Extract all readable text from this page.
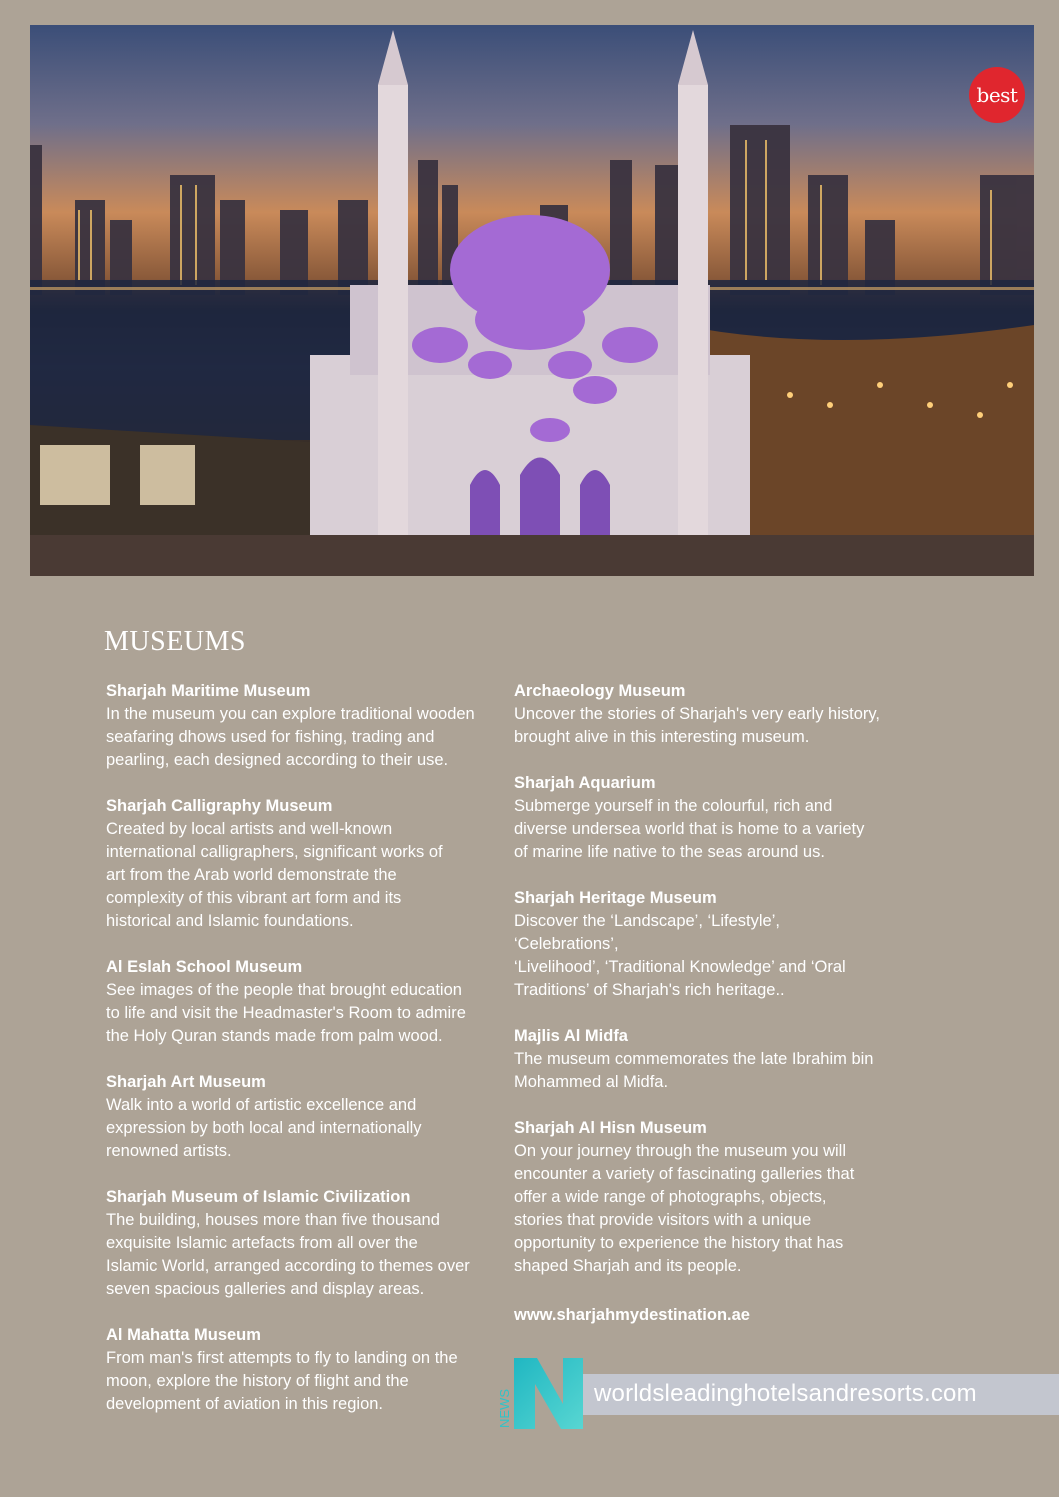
best
MUSEUMS
Sharjah Maritime Museum
In the museum you can explore traditional wooden
seafaring dhows used for fishing, trading and
pearling, each designed according to their use.
Sharjah Calligraphy Museum
Created by local artists and well-known
international calligraphers, significant works of
art from the Arab world demonstrate the
complexity of this vibrant art form and its
historical and Islamic foundations.
Al Eslah School Museum
See images of the people that brought education
to life and visit the Headmaster's Room to admire
the Holy Quran stands made from palm wood.
Sharjah Art Museum
Walk into a world of artistic excellence and
expression by both local and internationally
renowned artists.
Sharjah Museum of Islamic Civilization
The building, houses more than five thousand
exquisite Islamic artefacts from all over the
Islamic World, arranged according to themes over
seven spacious galleries and display areas.
Al Mahatta Museum
From man's first attempts to fly to landing on the
moon, explore the history of flight and the
development of aviation in this region.
Archaeology Museum
Uncover the stories of Sharjah's very early history,
brought alive in this interesting museum.
Sharjah Aquarium
Submerge yourself in the colourful, rich and
diverse undersea world that is home to a variety
of marine life native to the seas around us.
Sharjah Heritage Museum
Discover the ‘Landscape’, ‘Lifestyle’, ‘Celebrations’,
‘Livelihood’, ‘Traditional Knowledge’ and ‘Oral
Traditions’ of Sharjah's rich heritage..
Majlis Al Midfa
The museum commemorates the late Ibrahim bin
Mohammed al Midfa.
Sharjah Al Hisn Museum
On your journey through the museum you will
encounter a variety of fascinating galleries that
offer a wide range of photographs, objects,
stories that provide visitors with a unique
opportunity to experience the history that has
shaped Sharjah and its people.
www.sharjahmydestination.ae
NEWS	worldsleadinghotelsandresorts.com
